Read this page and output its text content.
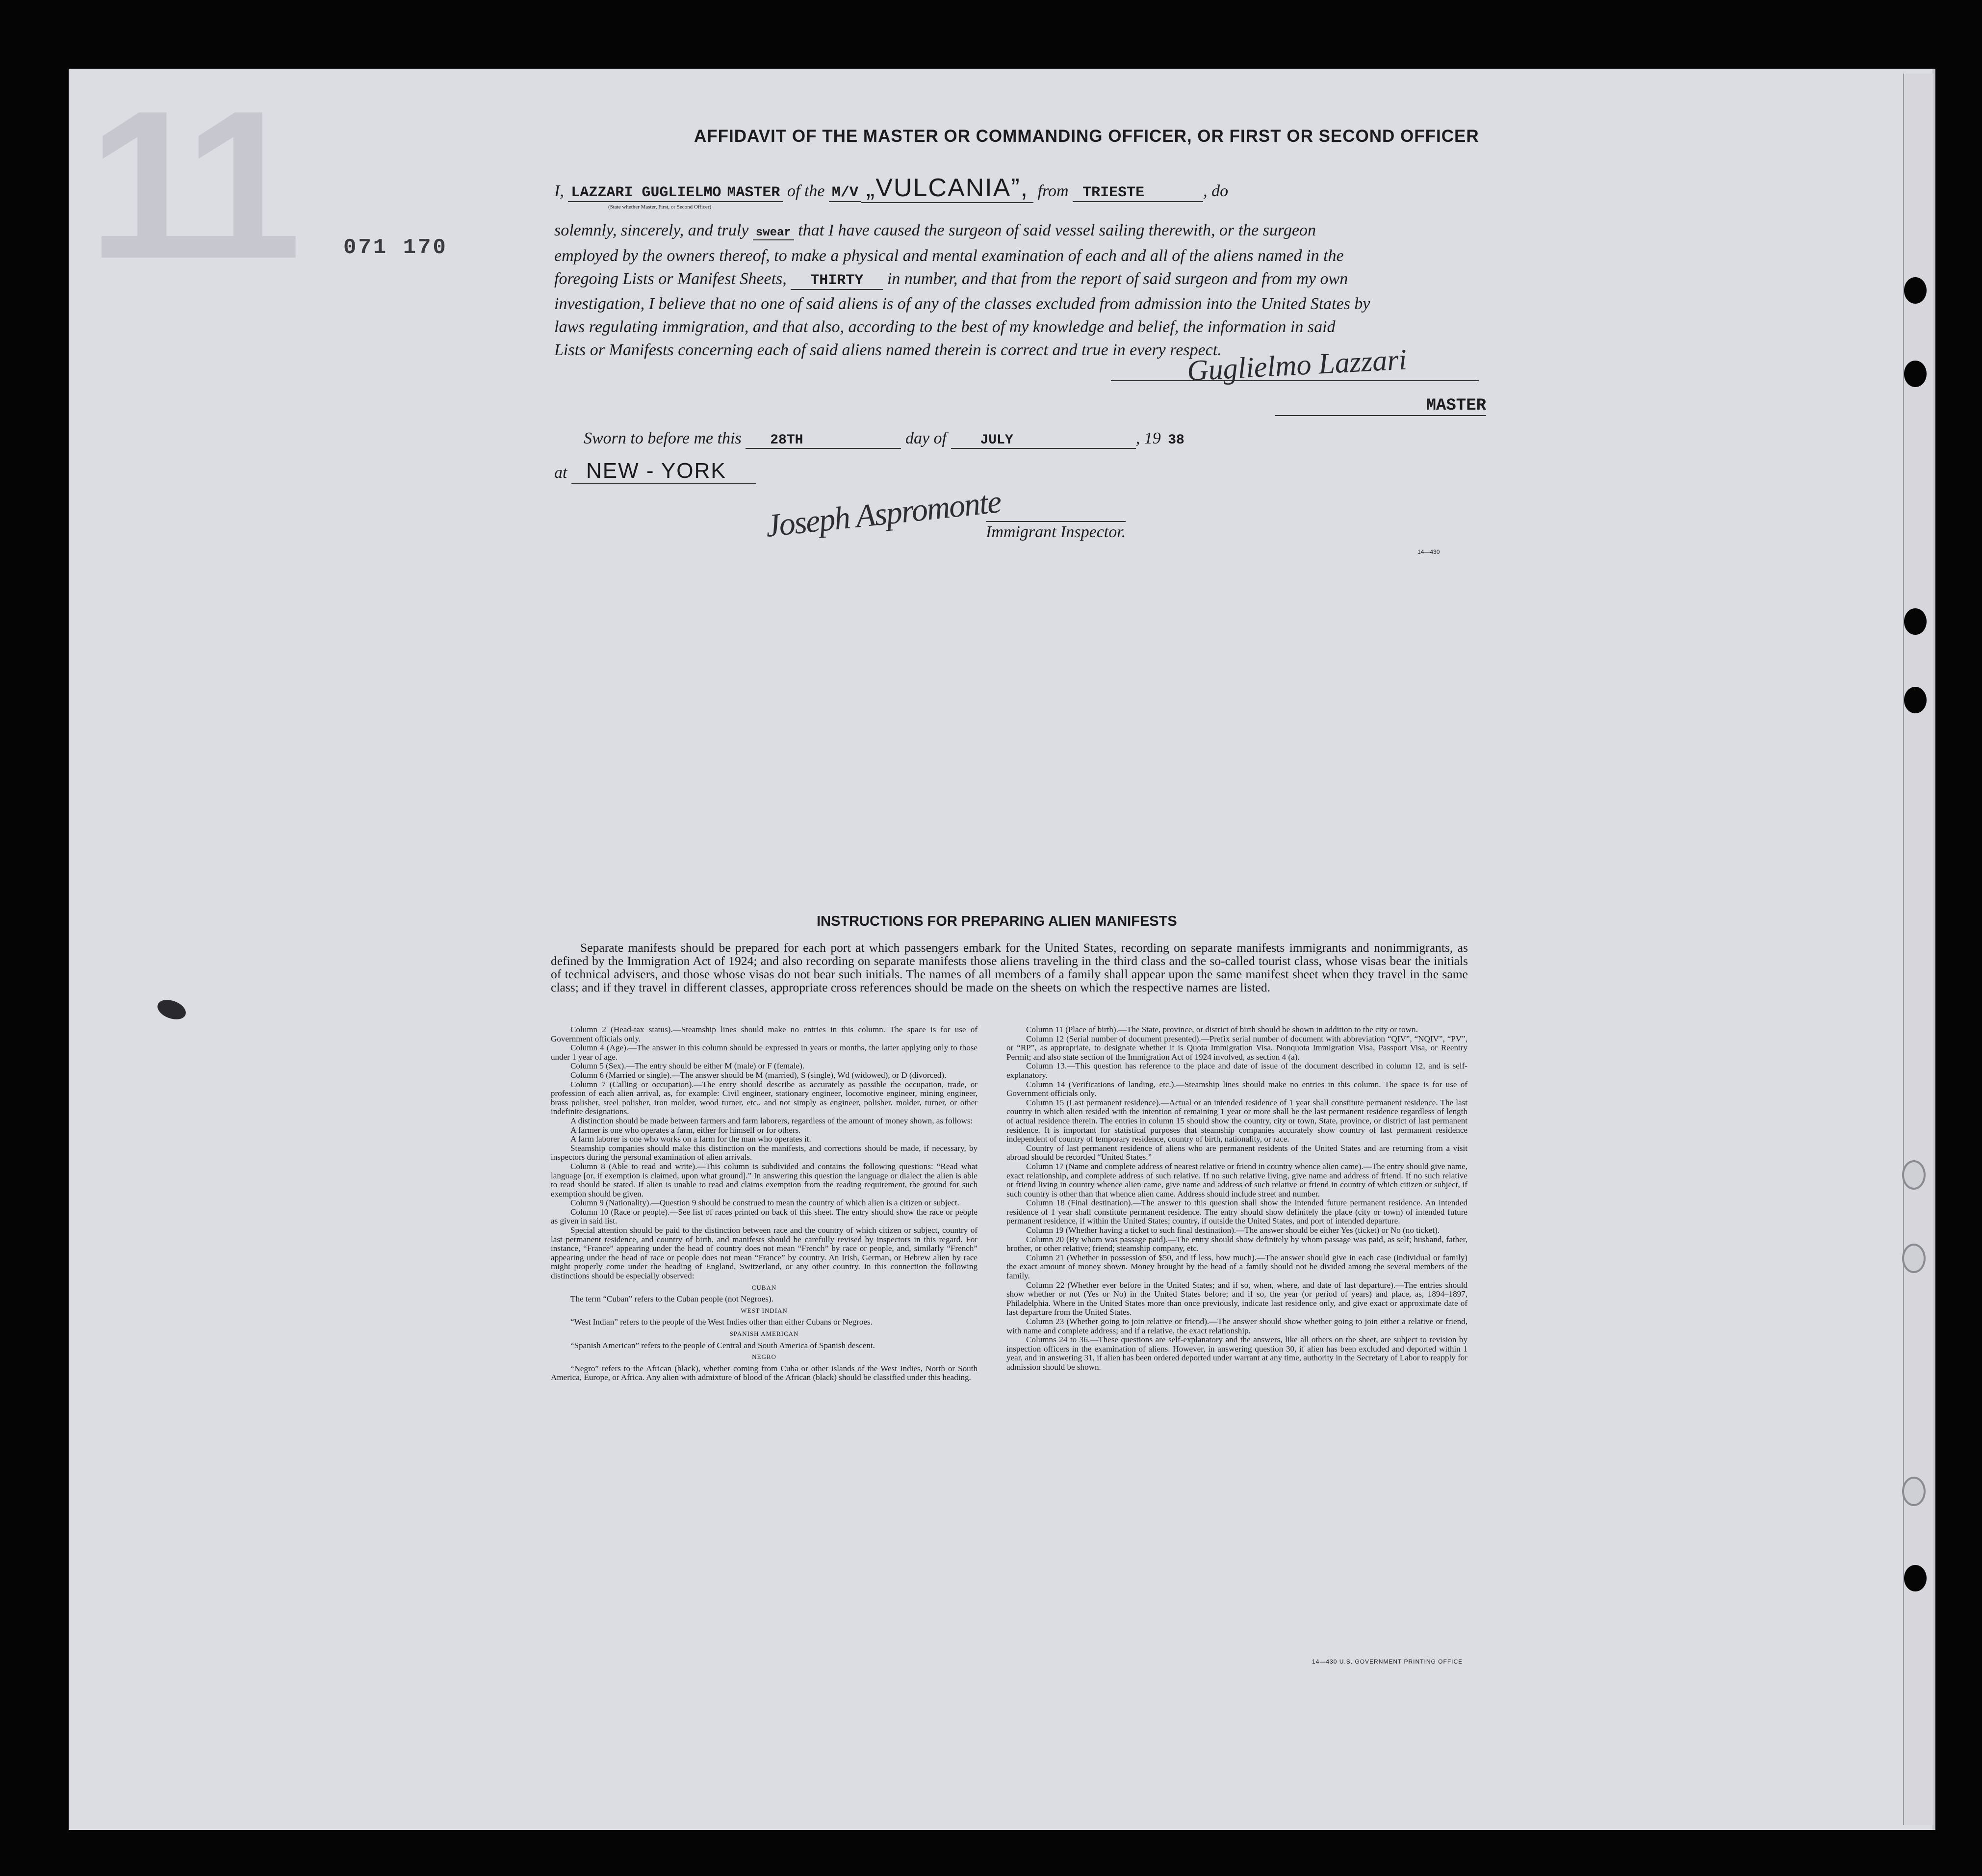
11 071 170
AFFIDAVIT OF THE MASTER OR COMMANDING OFFICER, OR FIRST OR SECOND OFFICER
I, LAZZARI GUGLIELMO MASTER of the M/V „VULCANIA”, from TRIESTE	, do
(State whether Master, First, or Second Officer)
solemnly, sincerely, and truly swear that I have caused the surgeon of said vessel sailing therewith, or the surgeon
employed by the owners thereof, to make a physical and mental examination of each and all of the aliens named in the
foregoing Lists or Manifest Sheets, THIRTY in number, and that from the report of said surgeon and from my own
investigation, I believe that no one of said aliens is of any of the classes excluded from admission into the United States by
laws regulating immigration, and that also, according to the best of my knowledge and belief, the information in said
Lists or Manifests concerning each of said aliens named therein is correct and true in every respect.
Guglielmo Lazzari
MASTER
Sworn to before me this 28TH	day of JULY	, 19 38
at NEW - YORK
Joseph Aspromonte
Immigrant Inspector.
14—430
INSTRUCTIONS FOR PREPARING ALIEN MANIFESTS
Separate manifests should be prepared for each port at which passengers embark for the United States, recording on separate manifests immigrants and nonimmigrants, as defined by the Immigration Act of 1924; and also recording on separate manifests those aliens traveling in the third class and the so-called tourist class, whose visas bear the initials of technical advisers, and those whose visas do not bear such initials. The names of all members of a family shall appear upon the same manifest sheet when they travel in the same class; and if they travel in different classes, appropriate cross references should be made on the sheets on which the respective names are listed.

Column 2 (Head-tax status).—Steamship lines should make no entries in this column. The space is for use of Government officials only.

Column 4 (Age).—The answer in this column should be expressed in years or months, the latter applying only to those under 1 year of age.

Column 5 (Sex).—The entry should be either M (male) or F (female).

Column 6 (Married or single).—The answer should be M (married), S (single), Wd (widowed), or D (divorced).

Column 7 (Calling or occupation).—The entry should describe as accurately as possible the occupation, trade, or profession of each alien arrival, as, for example: Civil engineer, stationary engineer, locomotive engineer, mining engineer, brass polisher, steel polisher, iron molder, wood turner, etc., and not simply as engineer, polisher, molder, turner, or other indefinite designations.

A distinction should be made between farmers and farm laborers, regardless of the amount of money shown, as follows:

A farmer is one who operates a farm, either for himself or for others.

A farm laborer is one who works on a farm for the man who operates it.

Steamship companies should make this distinction on the manifests, and corrections should be made, if necessary, by inspectors during the personal examination of alien arrivals.

Column 8 (Able to read and write).—This column is subdivided and contains the following questions: “Read what language [or, if exemption is claimed, upon what ground].” In answering this question the language or dialect the alien is able to read should be stated. If alien is unable to read and claims exemption from the reading requirement, the ground for such exemption should be given.

Column 9 (Nationality).—Question 9 should be construed to mean the country of which alien is a citizen or subject.

Column 10 (Race or people).—See list of races printed on back of this sheet. The entry should show the race or people as given in said list.

Special attention should be paid to the distinction between race and the country of which citizen or subject, country of last permanent residence, and country of birth, and manifests should be carefully revised by inspectors in this regard. For instance, “France” appearing under the head of country does not mean “French” by race or people, and, similarly “French” appearing under the head of race or people does not mean “France” by country. An Irish, German, or Hebrew alien by race might properly come under the heading of England, Switzerland, or any other country. In this connection the following distinctions should be especially observed:

CUBAN

The term “Cuban” refers to the Cuban people (not Negroes).

WEST INDIAN

“West Indian” refers to the people of the West Indies other than either Cubans or Negroes.

SPANISH AMERICAN

“Spanish American” refers to the people of Central and South America of Spanish descent.

NEGRO

“Negro” refers to the African (black), whether coming from Cuba or other islands of the West Indies, North or South America, Europe, or Africa. Any alien with admixture of blood of the African (black) should be classified under this heading.

Column 11 (Place of birth).—The State, province, or district of birth should be shown in addition to the city or town.

Column 12 (Serial number of document presented).—Prefix serial number of document with abbreviation “QIV”, “NQIV”, “PV”, or “RP”, as appropriate, to designate whether it is Quota Immigration Visa, Nonquota Immigration Visa, Passport Visa, or Reentry Permit; and also state section of the Immigration Act of 1924 involved, as section 4 (a).

Column 13.—This question has reference to the place and date of issue of the document described in column 12, and is self-explanatory.

Column 14 (Verifications of landing, etc.).—Steamship lines should make no entries in this column. The space is for use of Government officials only.

Column 15 (Last permanent residence).—Actual or an intended residence of 1 year shall constitute permanent residence. The last country in which alien resided with the intention of remaining 1 year or more shall be the last permanent residence regardless of length of actual residence therein. The entries in column 15 should show the country, city or town, State, province, or district of last permanent residence. It is important for statistical purposes that steamship companies accurately show country of last permanent residence independent of country of temporary residence, country of birth, nationality, or race.

Country of last permanent residence of aliens who are permanent residents of the United States and are returning from a visit abroad should be recorded “United States.”

Column 17 (Name and complete address of nearest relative or friend in country whence alien came).—The entry should give name, exact relationship, and complete address of such relative. If no such relative living, give name and address of friend. If no such relative or friend living in country whence alien came, give name and address of such relative or friend in country of which citizen or subject, if such country is other than that whence alien came. Address should include street and number.

Column 18 (Final destination).—The answer to this question shall show the intended future permanent residence. An intended residence of 1 year shall constitute permanent residence. The entry should show definitely the place (city or town) of intended future permanent residence, if within the United States; country, if outside the United States, and port of intended departure.

Column 19 (Whether having a ticket to such final destination).—The answer should be either Yes (ticket) or No (no ticket).

Column 20 (By whom was passage paid).—The entry should show definitely by whom passage was paid, as self; husband, father, brother, or other relative; friend; steamship company, etc.

Column 21 (Whether in possession of $50, and if less, how much).—The answer should give in each case (individual or family) the exact amount of money shown. Money brought by the head of a family should not be divided among the several members of the family.

Column 22 (Whether ever before in the United States; and if so, when, where, and date of last departure).—The entries should show whether or not (Yes or No) in the United States before; and if so, the year (or period of years) and place, as, 1894–1897, Philadelphia. Where in the United States more than once previously, indicate last residence only, and give exact or approximate date of last departure from the United States.

Column 23 (Whether going to join relative or friend).—The answer should show whether going to join either a relative or friend, with name and complete address; and if a relative, the exact relationship.

Columns 24 to 36.—These questions are self-explanatory and the answers, like all others on the sheet, are subject to revision by inspection officers in the examination of aliens. However, in answering question 30, if alien has been excluded and deported within 1 year, and in answering 31, if alien has been ordered deported under warrant at any time, authority in the Secretary of Labor to reapply for admission should be shown.

14—430 U.S. GOVERNMENT PRINTING OFFICE
